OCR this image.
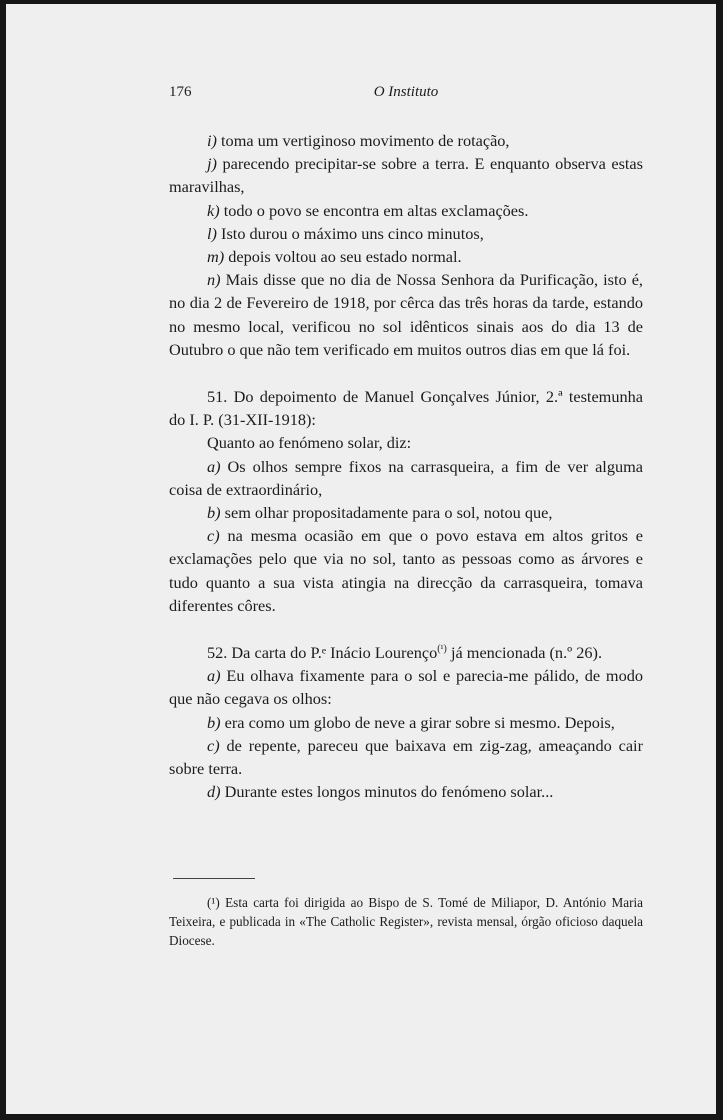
176	O Instituto

i) toma um vertiginoso movimento de rotação,

j) parecendo precipitar-se sobre a terra. E enquanto observa estas maravilhas,

k) todo o povo se encontra em altas exclamações.

l) Isto durou o máximo uns cinco minutos,

m) depois voltou ao seu estado normal.

n) Mais disse que no dia de Nossa Senhora da Purificação, isto é, no dia 2 de Fevereiro de 1918, por cêrca das três horas da tarde, estando no mesmo local, verificou no sol idênticos sinais aos do dia 13 de Outubro o que não tem verificado em muitos outros dias em que lá foi.

51. Do depoimento de Manuel Gonçalves Júnior, 2.ª testemunha do I. P. (31-XII-1918):

Quanto ao fenómeno solar, diz:

a) Os olhos sempre fixos na carrasqueira, a fim de ver alguma coisa de extraordinário,

b) sem olhar propositadamente para o sol, notou que,

c) na mesma ocasião em que o povo estava em altos gritos e exclamações pelo que via no sol, tanto as pessoas como as árvores e tudo quanto a sua vista atingia na direcção da carrasqueira, tomava diferentes côres.

52. Da carta do P.ᵉ Inácio Lourenço$^{(^1)}$ já mencionada (n.º 26).

a) Eu olhava fixamente para o sol e parecia-me pálido, de modo que não cegava os olhos:

b) era como um globo de neve a girar sobre si mesmo. Depois,

c) de repente, pareceu que baixava em zig-zag, ameaçando cair sobre terra.

d) Durante estes longos minutos do fenómeno solar...

(¹) Esta carta foi dirigida ao Bispo de S. Tomé de Miliapor, D. António Maria Teixeira, e publicada in «The Catholic Register», revista mensal, órgão oficioso daquela Diocese.
